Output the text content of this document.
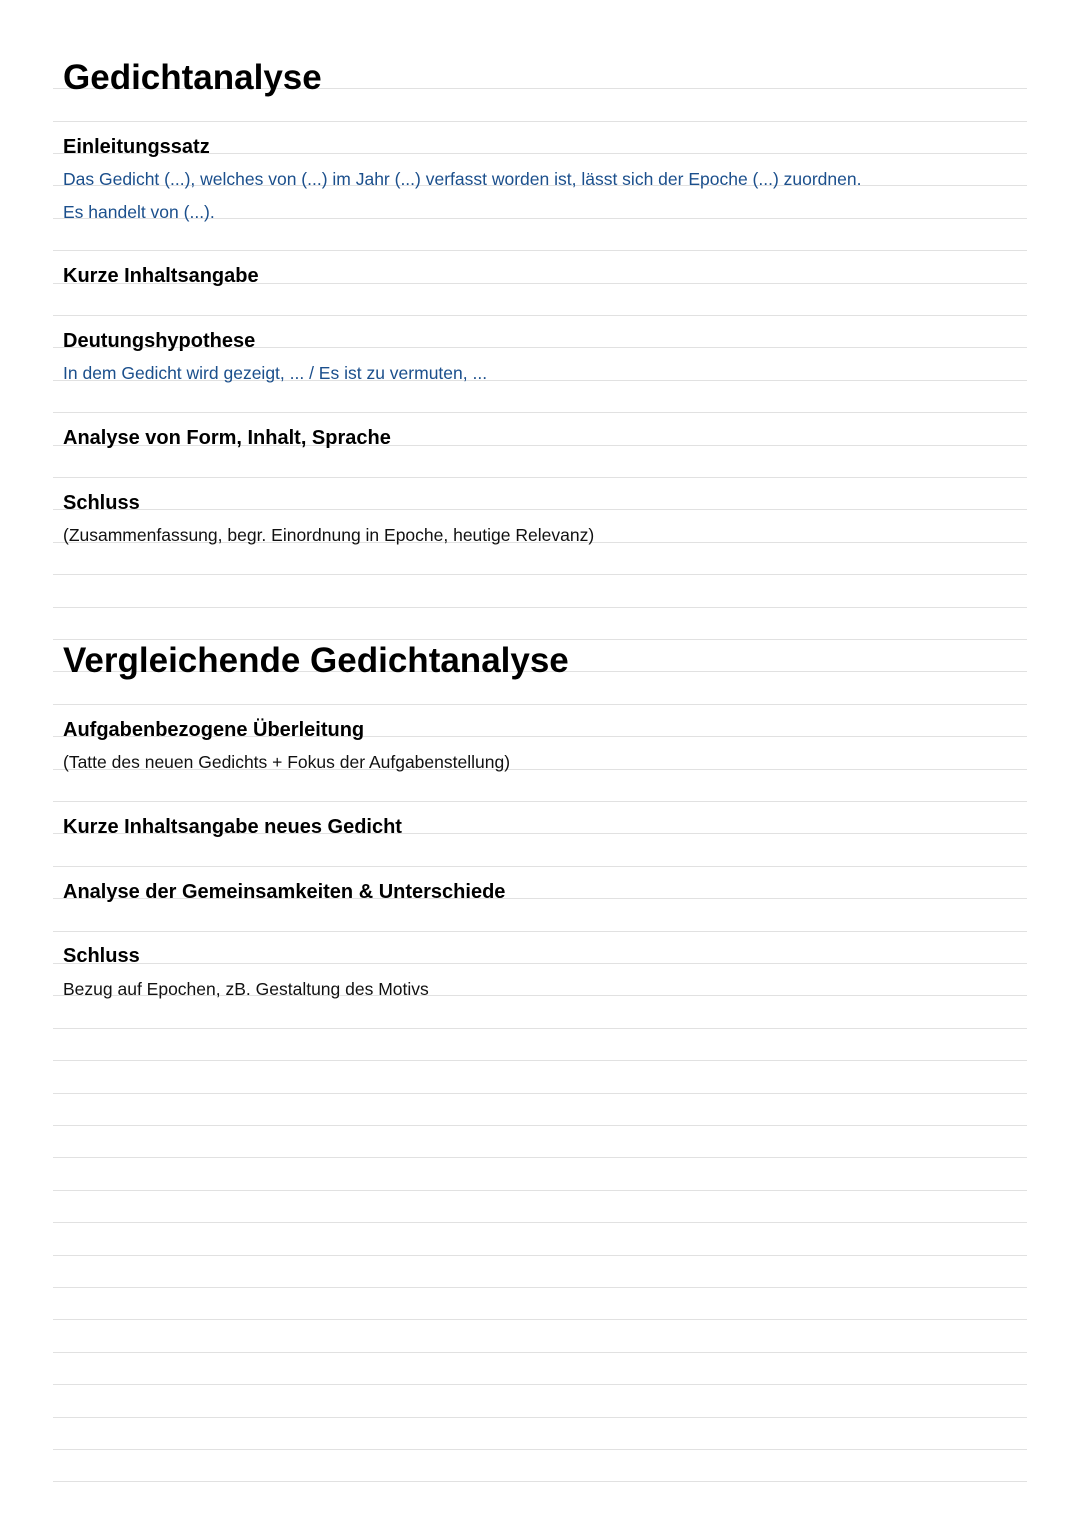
Gedichtanalyse
Einleitungssatz
Das Gedicht (...), welches von (...) im Jahr (...) verfasst worden ist, lässt sich der Epoche (...) zuordnen.
Es handelt von (...).
Kurze Inhaltsangabe
Deutungshypothese
In dem Gedicht wird gezeigt, ... / Es ist zu vermuten, ...
Analyse von Form, Inhalt, Sprache
Schluss
(Zusammenfassung, begr. Einordnung in Epoche, heutige Relevanz)
Vergleichende Gedichtanalyse
Aufgabenbezogene Überleitung
(Tatte des neuen Gedichts + Fokus der Aufgabenstellung)
Kurze Inhaltsangabe neues Gedicht
Analyse der Gemeinsamkeiten & Unterschiede
Schluss
Bezug auf Epochen, zB. Gestaltung des Motivs
